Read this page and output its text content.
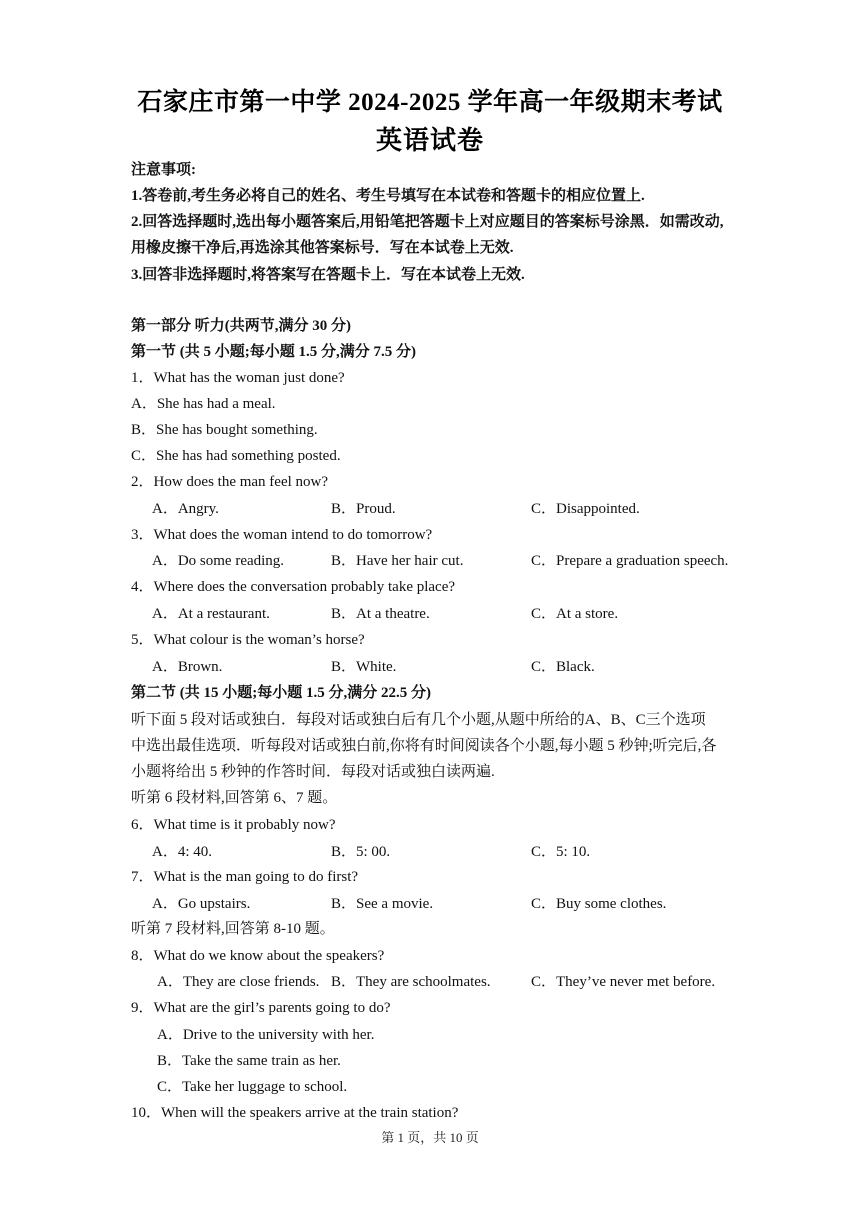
石家庄市第一中学 2024-2025 学年高一年级期末考试
英语试卷
注意事项:
1.答卷前,考生务必将自己的姓名、考生号填写在本试卷和答题卡的相应位置上.
2.回答选择题时,选出每小题答案后,用铅笔把答题卡上对应题目的答案标号涂黑．如需改动,
用橡皮擦干净后,再选涂其他答案标号．写在本试卷上无效.
3.回答非选择题时,将答案写在答题卡上．写在本试卷上无效.
第一部分 听力(共两节,满分 30 分)
第一节 (共 5 小题;每小题 1.5 分,满分 7.5 分)
1．What has the woman just done?
A．She has had a meal.
B．She has bought something.
C．She has had something posted.
2．How does the man feel now?
A．Angry.	B．Proud.	C．Disappointed.
3．What does the woman intend to do tomorrow?
A．Do some reading.	B．Have her hair cut.	C．Prepare a graduation speech.
4．Where does the conversation probably take place?
A．At a restaurant.	B．At a theatre.	C．At a store.
5．What colour is the woman’s horse?
A．Brown.	B．White.	C．Black.
第二节 (共 15 小题;每小题 1.5 分,满分 22.5 分)
听下面 5 段对话或独白．每段对话或独白后有几个小题,从题中所给的A、B、C三个选项
中选出最佳选项．听每段对话或独白前,你将有时间阅读各个小题,每小题 5 秒钟;听完后,各
小题将给出 5 秒钟的作答时间．每段对话或独白读两遍.
听第 6 段材料,回答第 6、7 题。
6．What time is it probably now?
A．4: 40.	B．5: 00.	C．5: 10.
7．What is the man going to do first?
A．Go upstairs.	B．See a movie.	C．Buy some clothes.
听第 7 段材料,回答第 8-10 题。
8．What do we know about the speakers?
A．They are close friends. B．They are schoolmates.	C．They’ve never met before.
9．What are the girl’s parents going to do?
A．Drive to the university with her.
B．Take the same train as her.
C．Take her luggage to school.
10．When will the speakers arrive at the train station?
第 1 页，共 10 页
